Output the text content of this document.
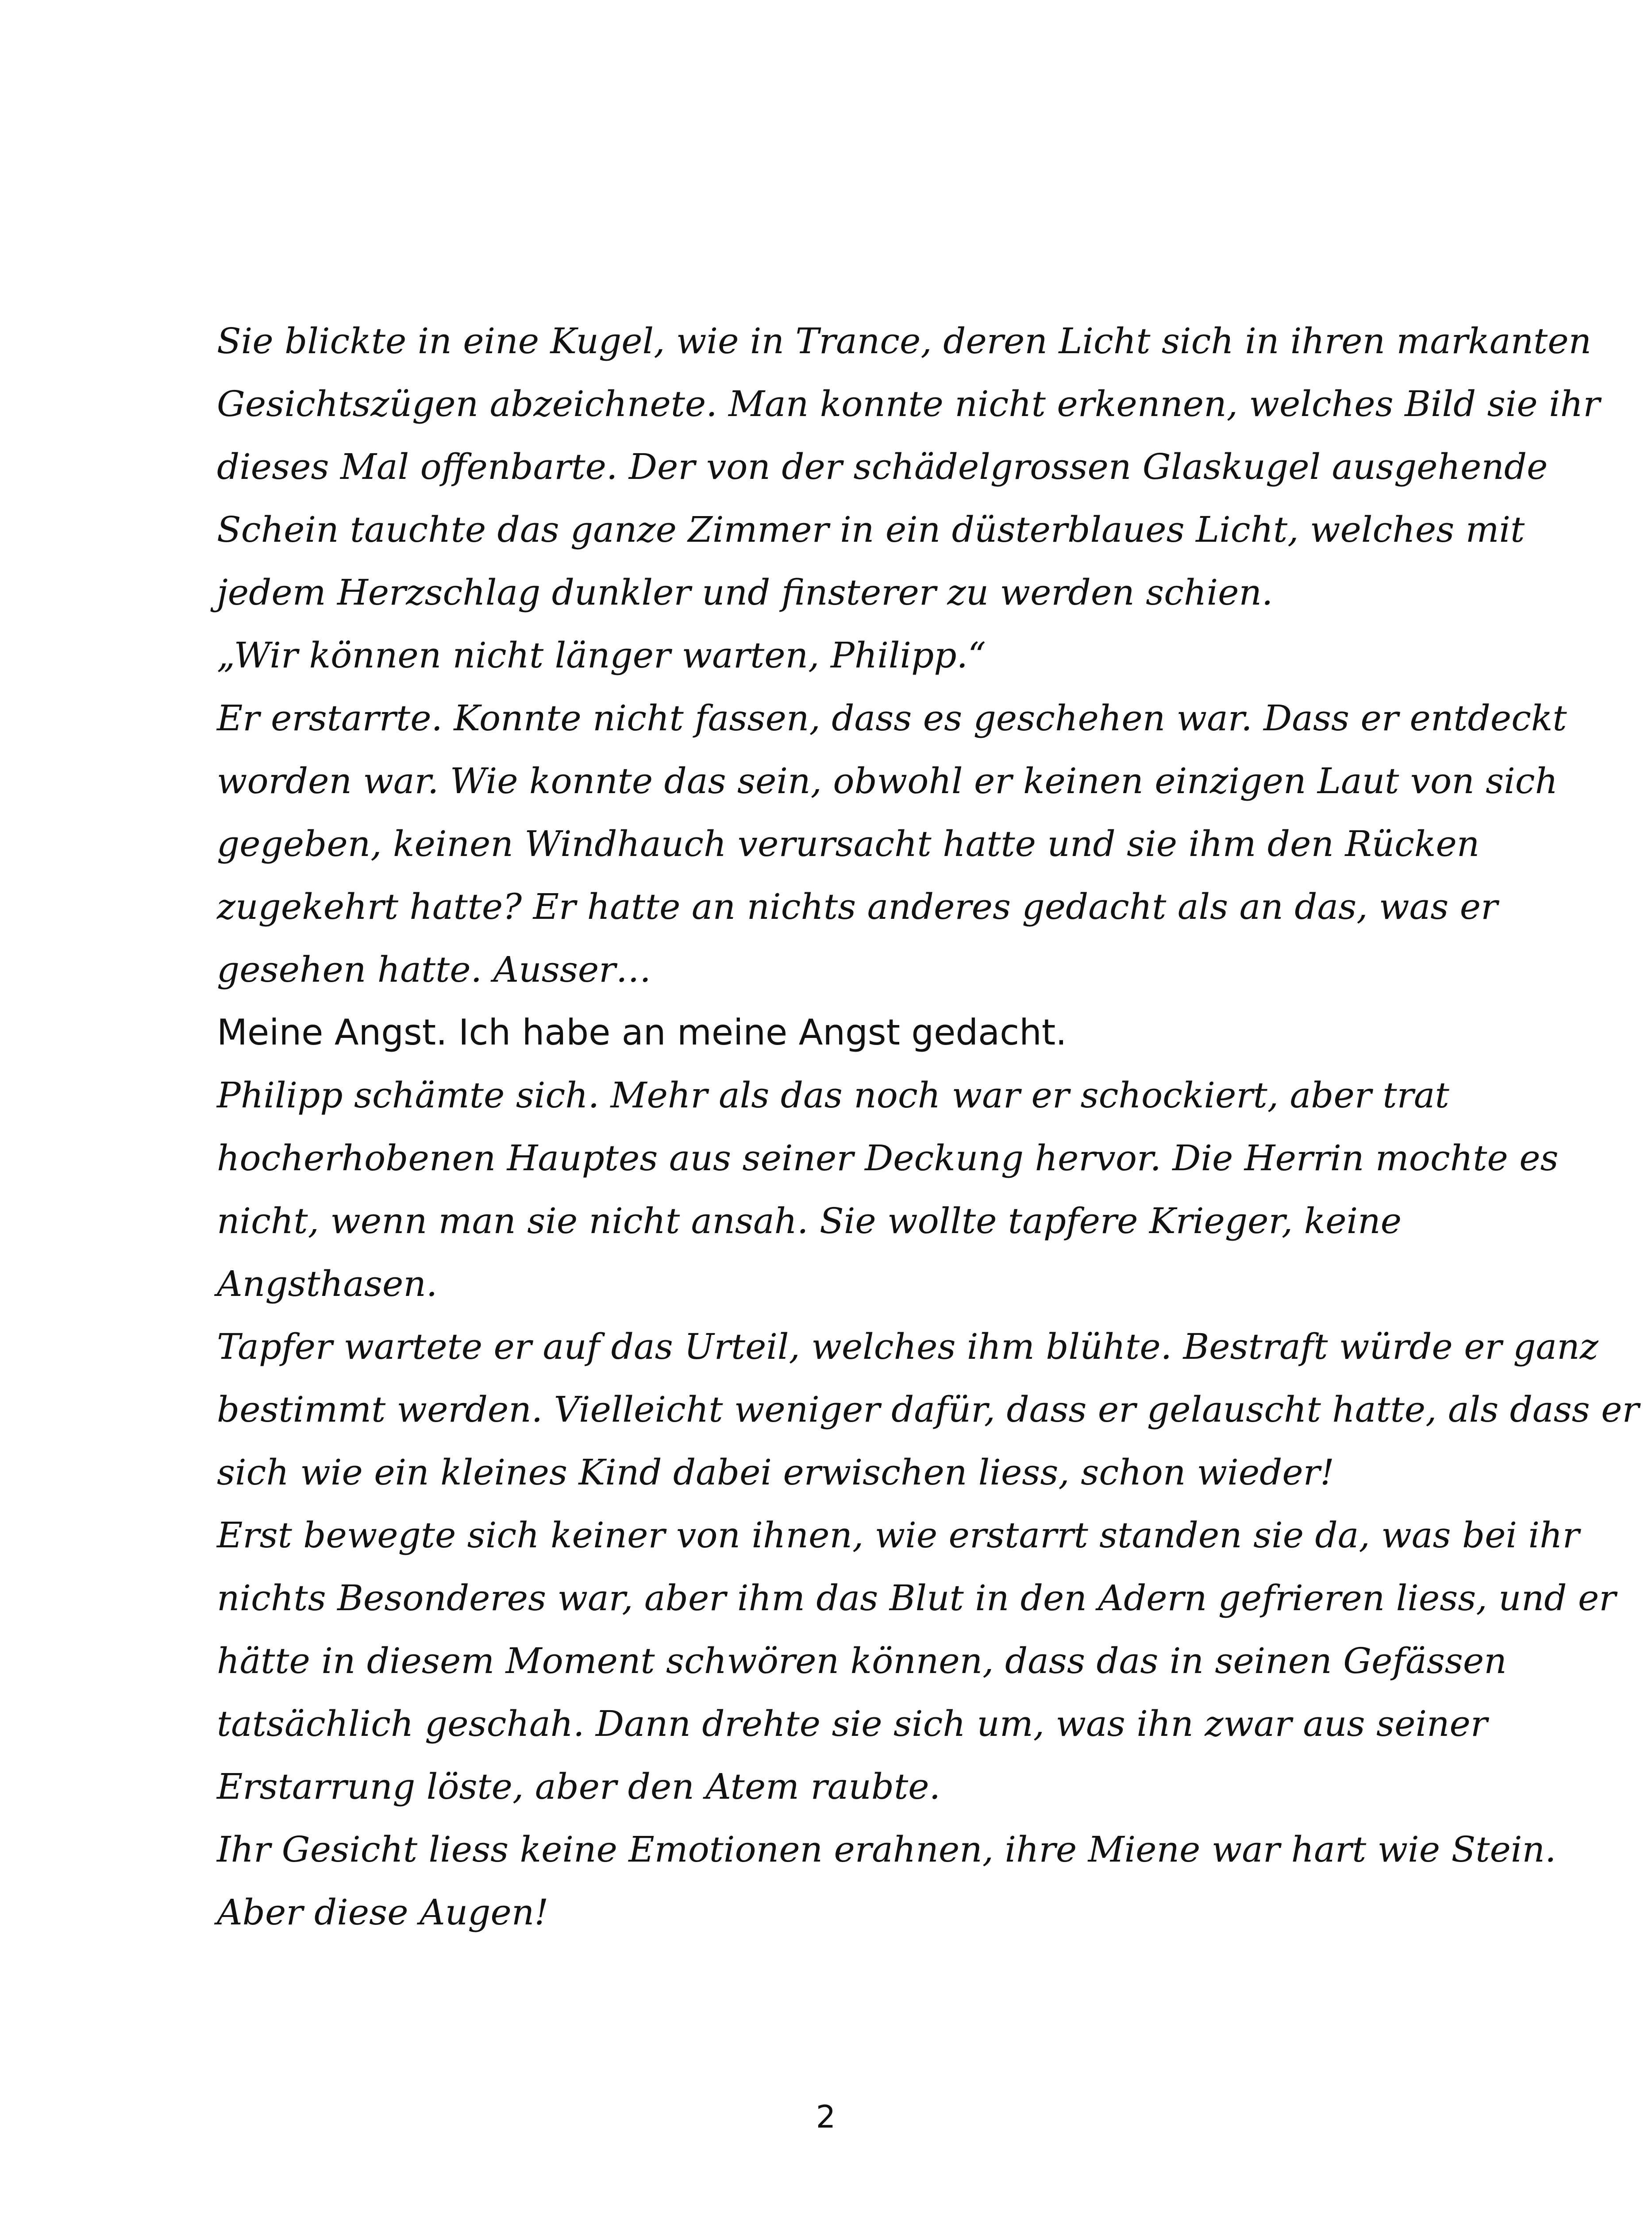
Sie blickte in eine Kugel, wie in Trance, deren Licht sich in ihren markanten
Gesichtszügen abzeichnete. Man konnte nicht erkennen, welches Bild sie ihr
dieses Mal offenbarte. Der von der schädelgrossen Glaskugel ausgehende
Schein tauchte das ganze Zimmer in ein düsterblaues Licht, welches mit
jedem Herzschlag dunkler und finsterer zu werden schien.
„Wir können nicht länger warten, Philipp.“
Er erstarrte. Konnte nicht fassen, dass es geschehen war. Dass er entdeckt
worden war. Wie konnte das sein, obwohl er keinen einzigen Laut von sich
gegeben, keinen Windhauch verursacht hatte und sie ihm den Rücken
zugekehrt hatte? Er hatte an nichts anderes gedacht als an das, was er
gesehen hatte. Ausser…
Meine Angst. Ich habe an meine Angst gedacht.
Philipp schämte sich. Mehr als das noch war er schockiert, aber trat
hocherhobenen Hauptes aus seiner Deckung hervor. Die Herrin mochte es
nicht, wenn man sie nicht ansah. Sie wollte tapfere Krieger, keine
Angsthasen.
Tapfer wartete er auf das Urteil, welches ihm blühte. Bestraft würde er ganz
bestimmt werden. Vielleicht weniger dafür, dass er gelauscht hatte, als dass er
sich wie ein kleines Kind dabei erwischen liess, schon wieder!
Erst bewegte sich keiner von ihnen, wie erstarrt standen sie da, was bei ihr
nichts Besonderes war, aber ihm das Blut in den Adern gefrieren liess, und er
hätte in diesem Moment schwören können, dass das in seinen Gefässen
tatsächlich geschah. Dann drehte sie sich um, was ihn zwar aus seiner
Erstarrung löste, aber den Atem raubte.
Ihr Gesicht liess keine Emotionen erahnen, ihre Miene war hart wie Stein.
Aber diese Augen!
2
